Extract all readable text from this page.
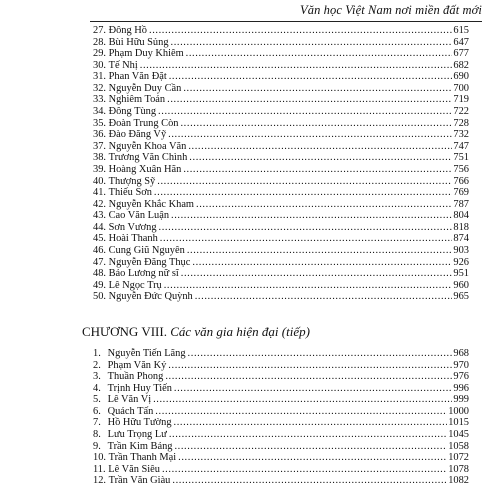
Văn học Việt Nam nơi miền đất mới
27.
Đông Hồ .....	615
28.
Bùi Hữu Sủng .....	647
29.
Phạm Duy Khiêm .....	677
30.
Tế Nhị .....	682
31.
Phan Văn Đặt .....	690
32.
Nguyễn Duy Cần .....	700
33.
Nghiêm Toản .....	719
34.
Đông Tùng .....	722
35.
Đoàn Trung Còn .....	728
36.
Đào Đăng Vỹ .....	732
37.
Nguyễn Khoa Văn .....	747
38.
Trương Văn Chình .....	751
39.
Hoàng Xuân Hãn .....	756
40.
Thượng Sỹ .....	766
41.
Thiếu Sơn .....	769
42.
Nguyễn Khắc Kham .....	787
43.
Cao Văn Luận .....	804
44.
Sơn Vương .....	818
45.
Hoài Thanh .....	874
46.
Cung Giũ Nguyên .....	903
47.
Nguyễn Đăng Thục .....	926
48.
Bảo Lương nữ sĩ .....	951
49.
Lê Ngọc Trụ .....	960
50.
Nguyễn Đức Quỳnh .....	965
CHƯƠNG VIII. Các văn gia hiện đại (tiếp)
1.
Nguyễn Tiến Lãng .....	968
2.
Phạm Văn Ký .....	970
3.
Thuần Phong .....	976
4.
Trịnh Huy Tiến .....	996
5.
Lê Văn Vị .....	999
6.
Quách Tấn .....	1000
7.
Hồ Hữu Tường .....	1015
8.
Lưu Trọng Lư .....	1045
9.
Trần Kim Bảng .....	1058
10.
Trần Thanh Mại .....	1072
11.
Lê Văn Siêu .....	1078
12.
Trần Văn Giàu .....	1082
